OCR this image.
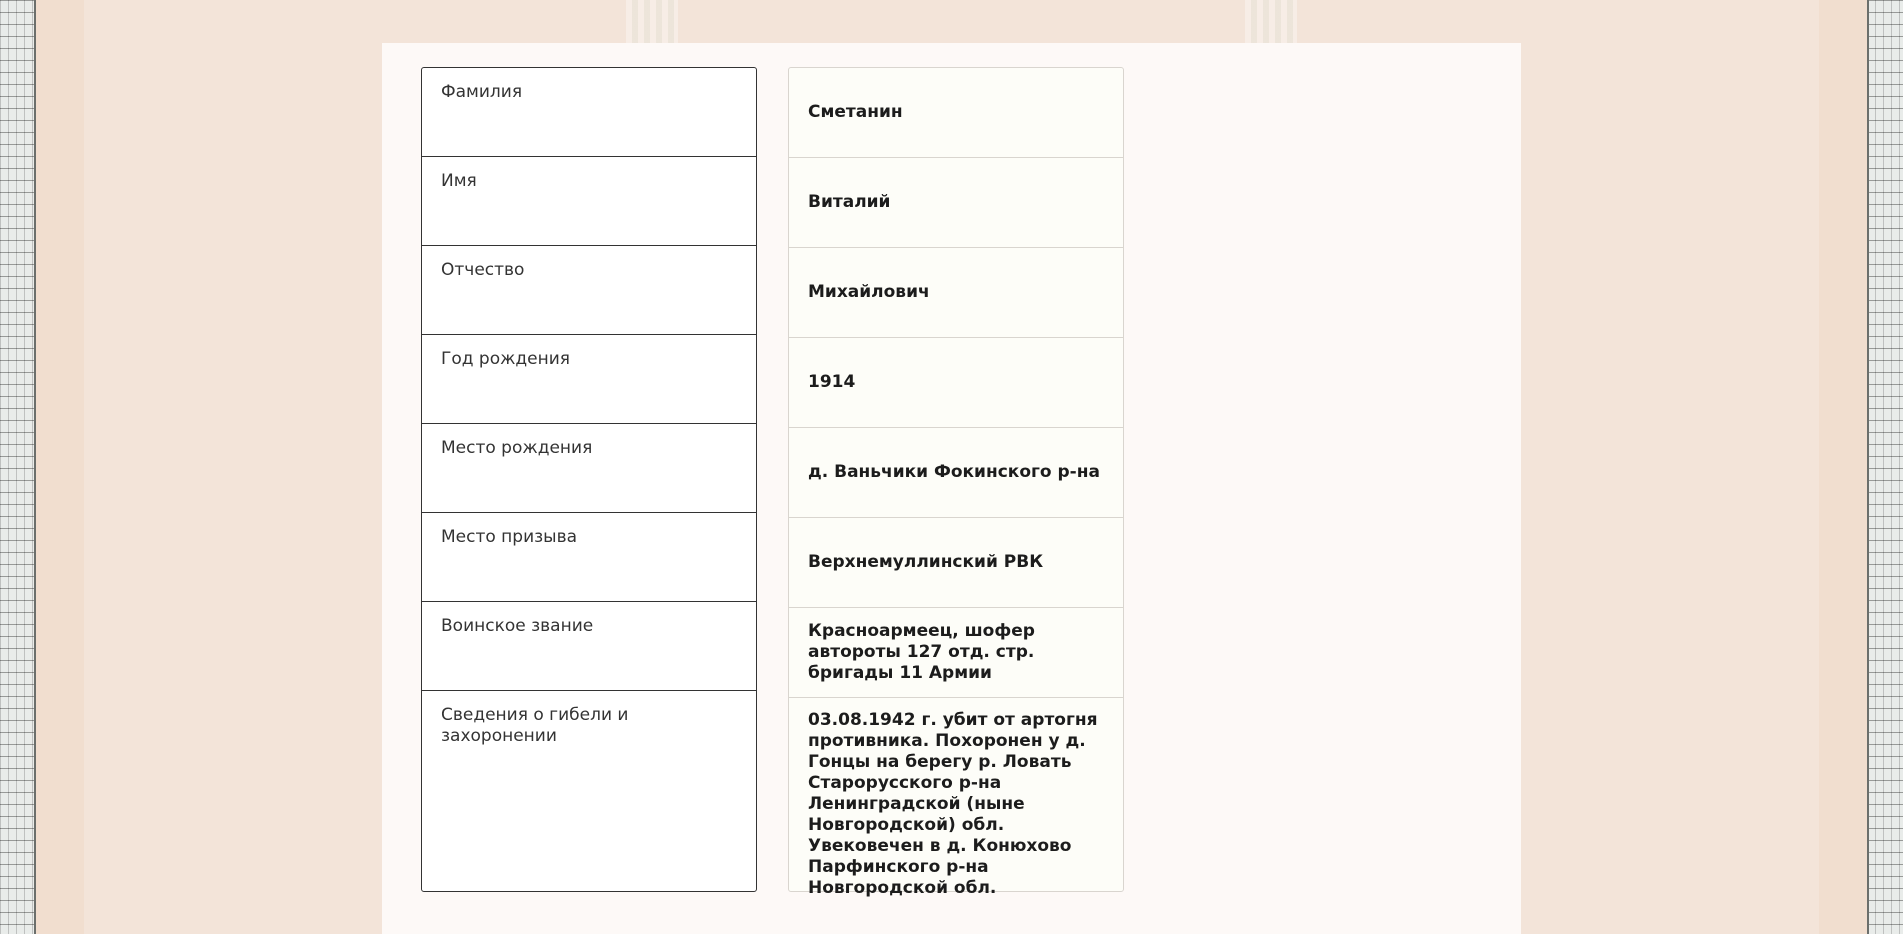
Фамилия
Имя
Отчество
Год рождения
Место рождения
Место призыва
Воинское звание
Сведения о гибели и захоронении
Сметанин
Виталий
Михайлович
1914
д. Ваньчики Фокинского р-на
Верхнемуллинский РВК
Красноармеец, шофер автороты 127 отд. стр. бригады 11 Армии
03.08.1942 г. убит от артогня противника. Похоронен у д. Гонцы на берегу р. Ловать Старорусского р-на Ленинградской (ныне Новгородской) обл. Увековечен в д. Конюхово Парфинского р-на Новгородской обл.
